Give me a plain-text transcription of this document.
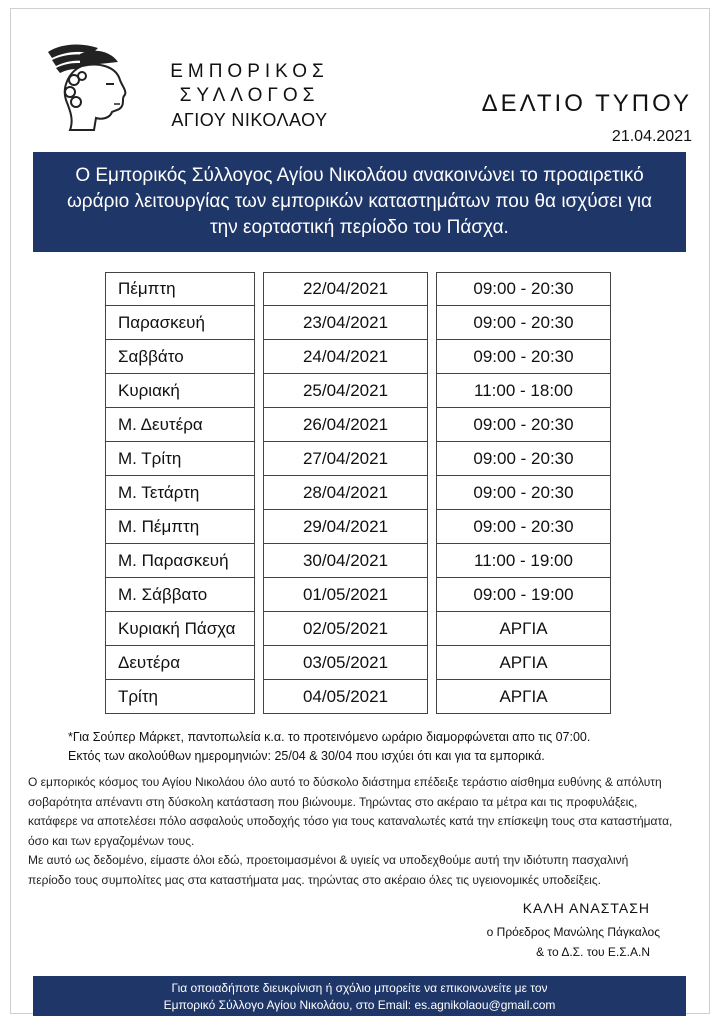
ΕΜΠΟΡΙΚΟΣ
ΣΥΛΛΟΓΟΣ
ΑΓΙΟΥ ΝΙΚΟΛΑΟΥ
ΔΕΛΤΙΟ ΤΥΠΟΥ
21.04.2021
Ο Εμπορικός Σύλλογος Αγίου Νικολάου ανακοινώνει το προαιρετικό ωράριο λειτουργίας των εμπορικών καταστημάτων που θα ισχύσει για την εορταστική περίοδο του Πάσχα.
Πέμπτη	22/04/2021	09:00 - 20:30
Παρασκευή	23/04/2021	09:00 - 20:30
Σαββάτο	24/04/2021	09:00 - 20:30
Κυριακή	25/04/2021	11:00 - 18:00
Μ. Δευτέρα	26/04/2021	09:00 - 20:30
Μ. Τρίτη	27/04/2021	09:00 - 20:30
Μ. Τετάρτη	28/04/2021	09:00 - 20:30
Μ. Πέμπτη	29/04/2021	09:00 - 20:30
Μ. Παρασκευή	30/04/2021	11:00 - 19:00
Μ. Σάββατο	01/05/2021	09:00 - 19:00
Κυριακή Πάσχα	02/05/2021	ΑΡΓΙΑ
Δευτέρα	03/05/2021	ΑΡΓΙΑ
Τρίτη	04/05/2021	ΑΡΓΙΑ
*Για Σούπερ Μάρκετ, παντοπωλεία κ.α. το προτεινόμενο ωράριο διαμορφώνεται απο τις 07:00.
Εκτός των ακολούθων ημερομηνιών: 25/04 & 30/04 που ισχύει ότι και για τα εμπορικά.
Ο εμπορικός κόσμος του Αγίου Νικολάου όλο αυτό το δύσκολο διάστημα επέδειξε τεράστιο αίσθημα ευθύνης & απόλυτη
σοβαρότητα απέναντι στη δύσκολη κατάσταση που βιώνουμε. Τηρώντας στο ακέραιο τα μέτρα και τις προφυλάξεις,
κατάφερε να αποτελέσει πόλο ασφαλούς υποδοχής τόσο για τους καταναλωτές κατά την επίσκεψη τους στα καταστήματα,
όσο και των εργαζομένων τους.
Με αυτό ως δεδομένο, είμαστε όλοι εδώ, προετοιμασμένοι & υγιείς να υποδεχθούμε αυτή την ιδιότυπη πασχαλινή
περίοδο τους συμπολίτες μας στα καταστήματα μας. τηρώντας στο ακέραιο όλες τις υγειονομικές υποδείξεις.
ΚΑΛΗ ΑΝΑΣΤΑΣΗ
ο Πρόεδρος Μανώλης Πάγκαλος
& το Δ.Σ. του Ε.Σ.Α.Ν
Για οποιαδήποτε διευκρίνιση ή σχόλιο μπορείτε να επικοινωνείτε με τον
Εμπορικό Σύλλογο Αγίου Νικολάου, στο Email: es.agnikolaou@gmail.com
